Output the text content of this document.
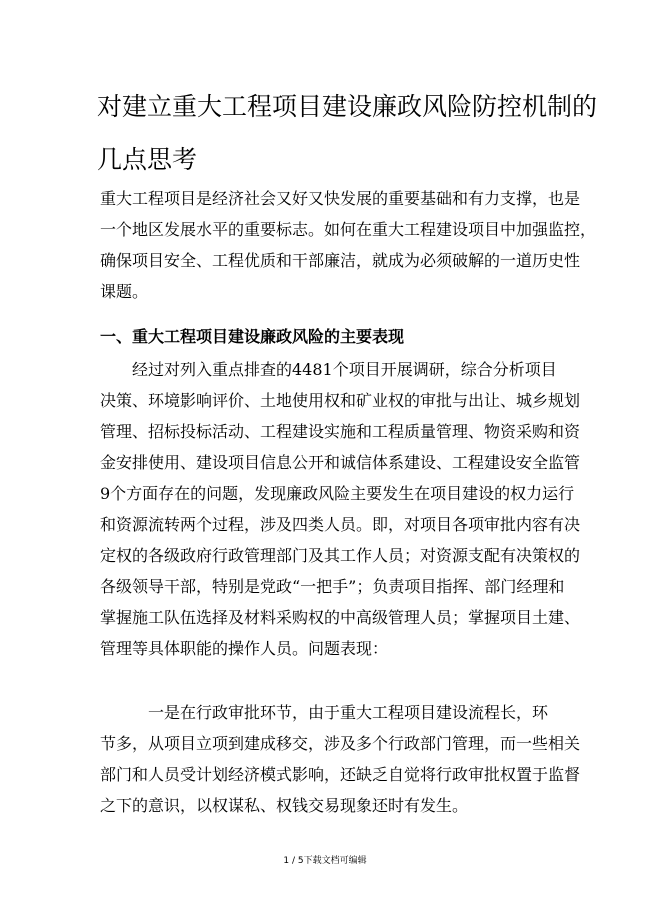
对建立重大工程项目建设廉政风险防控机制的
几点思考
重大工程项目是经济社会又好又快发展的重要基础和有力支撑，也是
一个地区发展水平的重要标志。如何在重大工程建设项目中加强监控，
确保项目安全、工程优质和干部廉洁，就成为必须破解的一道历史性
课题。
一、重大工程项目建设廉政风险的主要表现
　　经过对列入重点排查的4481个项目开展调研，综合分析项目
决策、环境影响评价、土地使用权和矿业权的审批与出让、城乡规划
管理、招标投标活动、工程建设实施和工程质量管理、物资采购和资
金安排使用、建设项目信息公开和诚信体系建设、工程建设安全监管
9个方面存在的问题，发现廉政风险主要发生在项目建设的权力运行
和资源流转两个过程，涉及四类人员。即，对项目各项审批内容有决
定权的各级政府行政管理部门及其工作人员；对资源支配有决策权的
各级领导干部，特别是党政“一把手”；负责项目指挥、部门经理和
掌握施工队伍选择及材料采购权的中高级管理人员；掌握项目土建、
管理等具体职能的操作人员。问题表现：
　　　一是在行政审批环节，由于重大工程项目建设流程长，环
节多，从项目立项到建成移交，涉及多个行政部门管理，而一些相关
部门和人员受计划经济模式影响，还缺乏自觉将行政审批权置于监督
之下的意识，以权谋私、权钱交易现象还时有发生。
1 / 5下载文档可编辑
